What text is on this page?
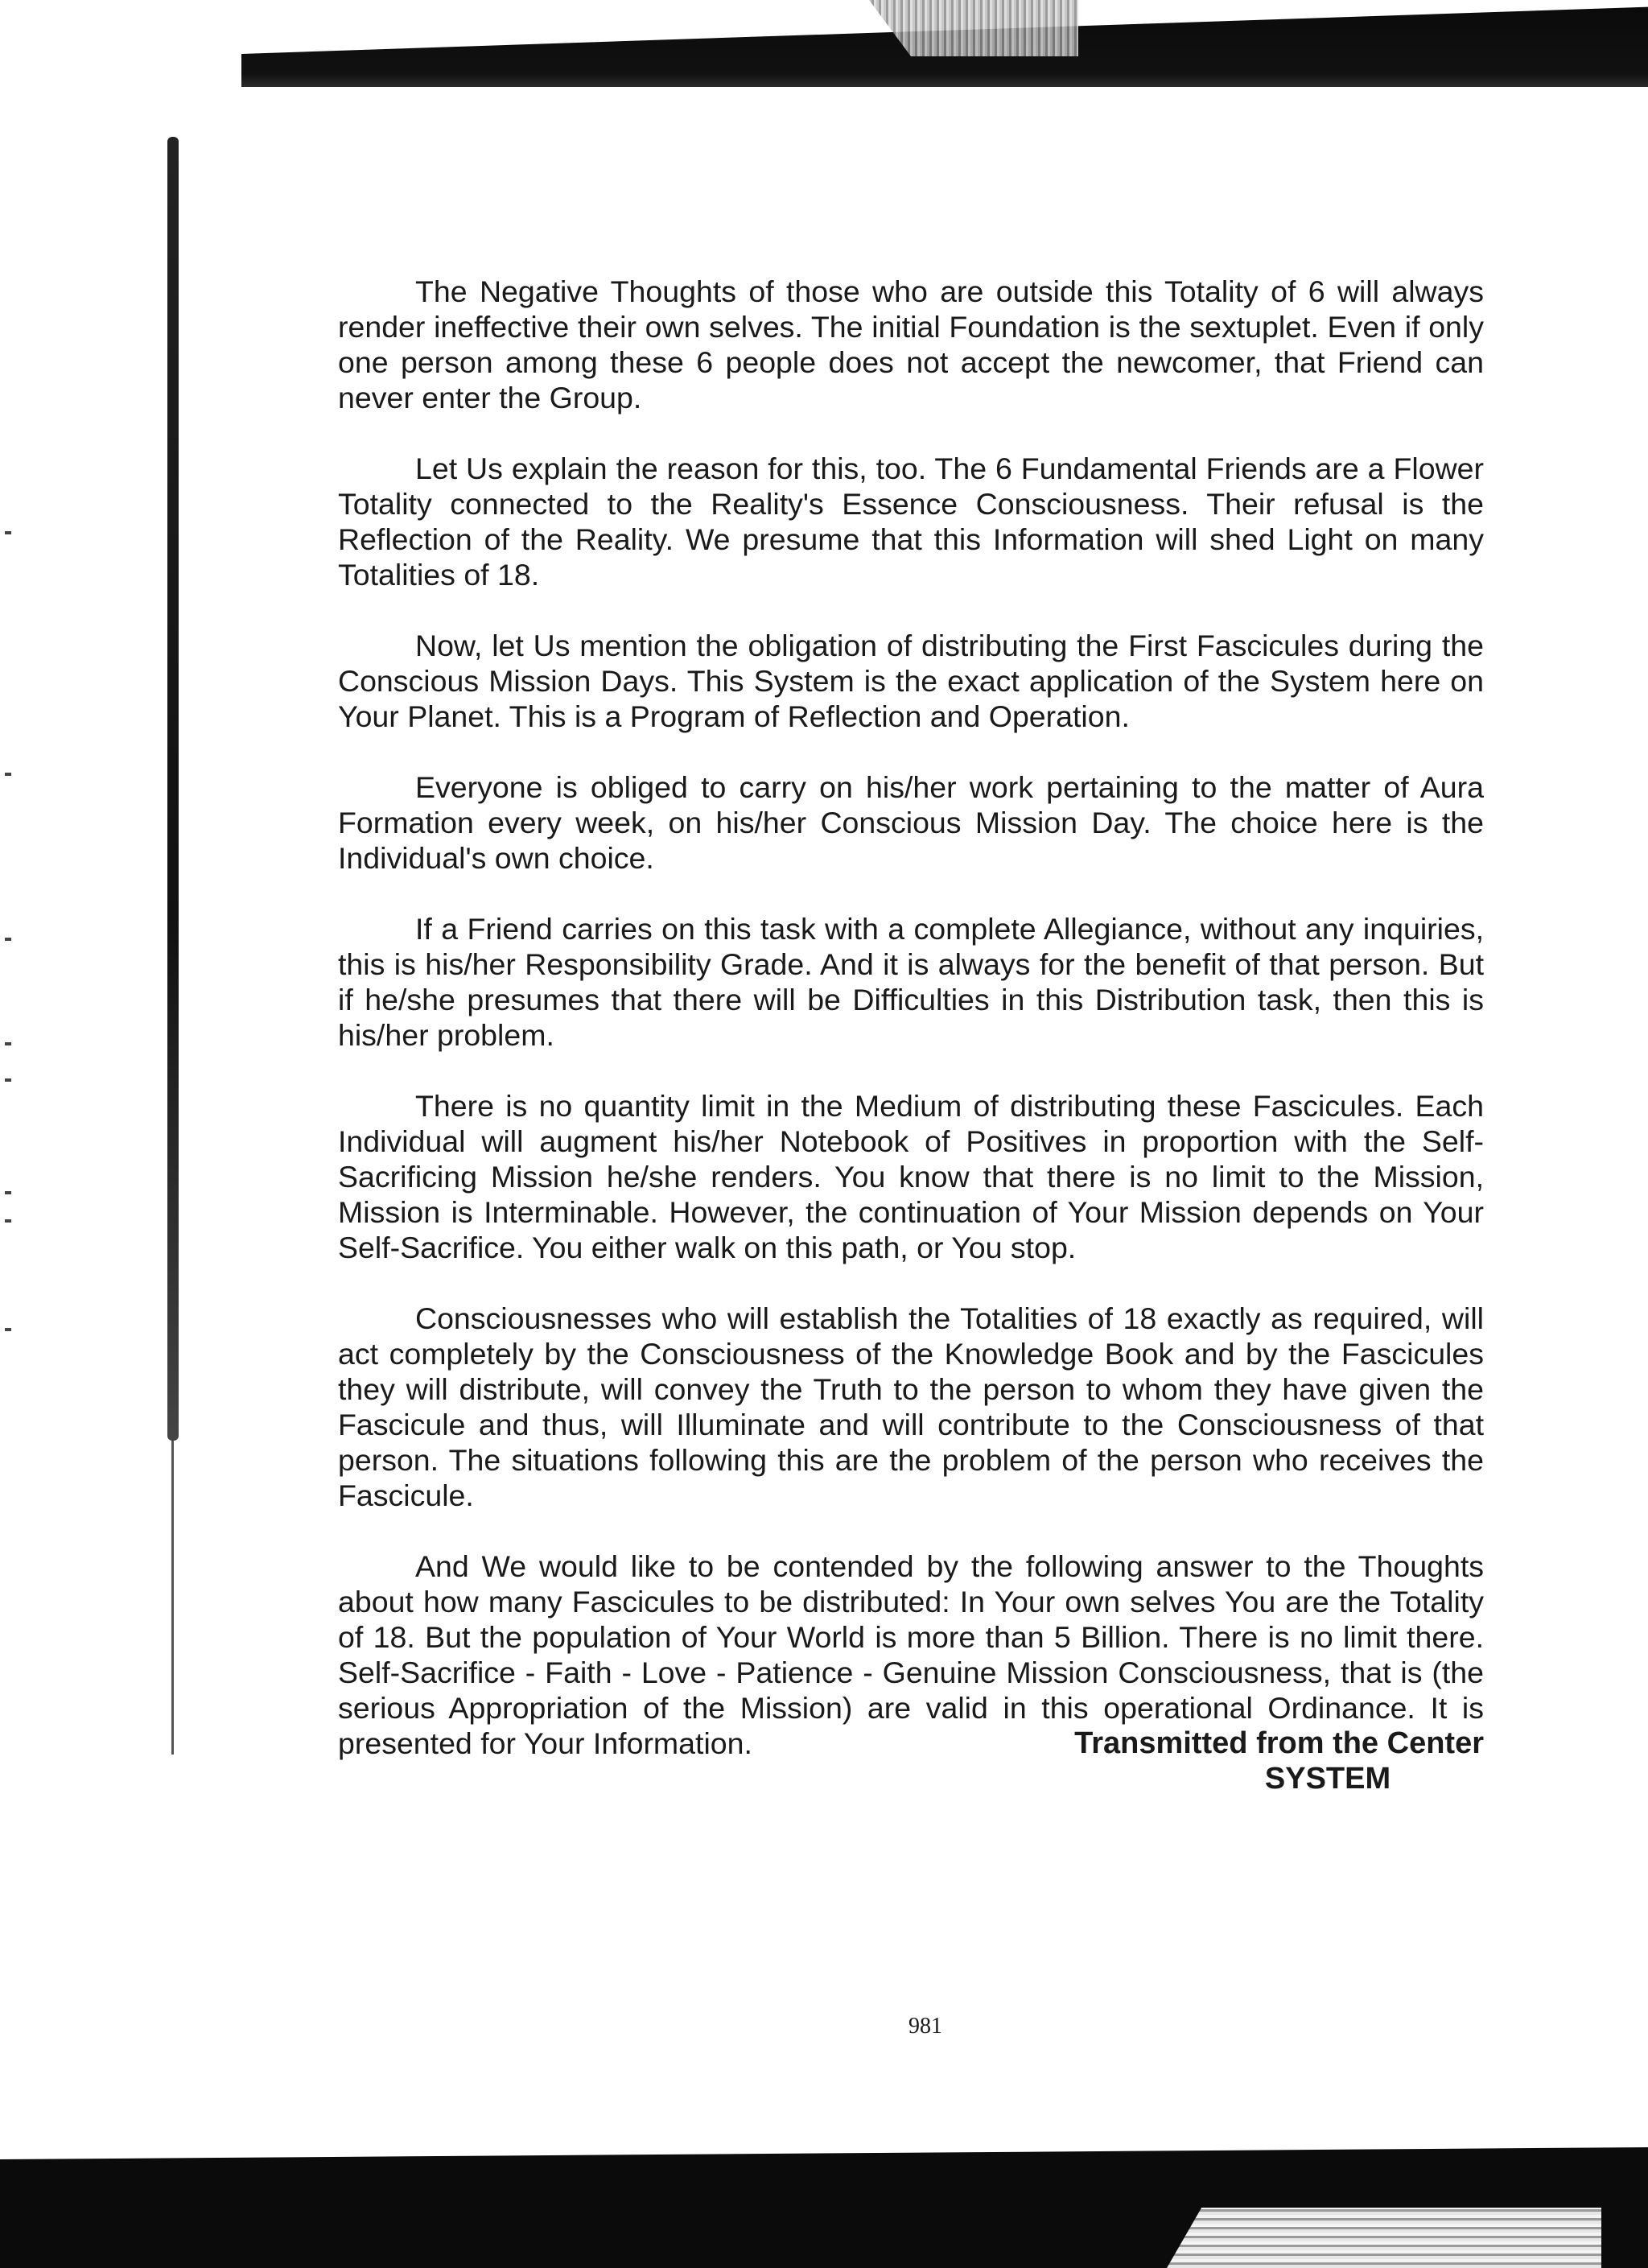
The Negative Thoughts of those who are outside this Totality of 6 will always render ineffective their own selves. The initial Foundation is the sextuplet. Even if only one person among these 6 people does not accept the newcomer, that Friend can never enter the Group.

Let Us explain the reason for this, too. The 6 Fundamental Friends are a Flower Totality connected to the Reality's Essence Consciousness. Their refusal is the Reflection of the Reality. We presume that this Information will shed Light on many Totalities of 18.

Now, let Us mention the obligation of distributing the First Fascicules during the Conscious Mission Days. This System is the exact application of the System here on Your Planet. This is a Program of Reflection and Operation.

Everyone is obliged to carry on his/her work pertaining to the matter of Aura Formation every week, on his/her Conscious Mission Day. The choice here is the Individual's own choice.

If a Friend carries on this task with a complete Allegiance, without any inquiries, this is his/her Responsibility Grade. And it is always for the benefit of that person. But if he/she presumes that there will be Difficulties in this Distribution task, then this is his/her problem.

There is no quantity limit in the Medium of distributing these Fascicules. Each Individual will augment his/her Notebook of Positives in proportion with the Self-Sacrificing Mission he/she renders. You know that there is no limit to the Mission, Mission is Interminable. However, the continuation of Your Mission depends on Your Self-Sacrifice. You either walk on this path, or You stop.

Consciousnesses who will establish the Totalities of 18 exactly as required, will act completely by the Consciousness of the Knowledge Book and by the Fascicules they will distribute, will convey the Truth to the person to whom they have given the Fascicule and thus, will Illuminate and will contribute to the Consciousness of that person. The situations following this are the problem of the person who receives the Fascicule.

And We would like to be contended by the following answer to the Thoughts about how many Fascicules to be distributed: In Your own selves You are the Totality of 18. But the population of Your World is more than 5 Billion. There is no limit there. Self-Sacrifice - Faith - Love - Patience - Genuine Mission Consciousness, that is (the serious Appropriation of the Mission) are valid in this operational Ordinance. It is presented for Your Information.	Transmitted from the Center
SYSTEM
981
